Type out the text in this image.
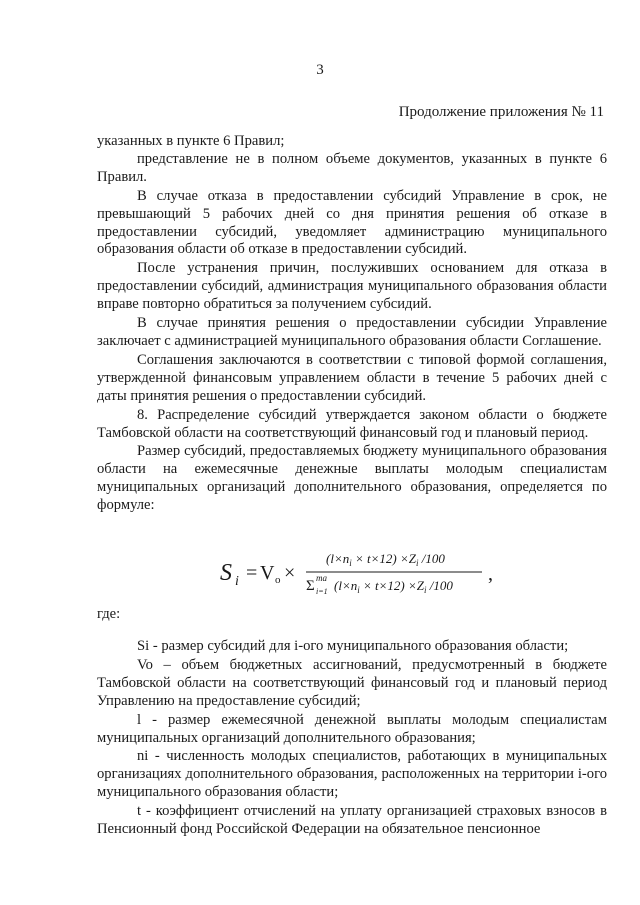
3
Продолжение приложения № 11

указанных в пункте 6 Правил;

представление не в полном объеме документов, указанных в пункте 6 Правил.

В случае отказа в предоставлении субсидий Управление в срок, не превышающий 5 рабочих дней со дня принятия решения об отказе в предоставлении субсидий, уведомляет администрацию муниципального образования области об отказе в предоставлении субсидий.

После устранения причин, послуживших основанием для отказа в предоставлении субсидий, администрация муниципального образования области вправе повторно обратиться за получением субсидий.

В случае принятия решения о предоставлении субсидии Управление заключает с администрацией муниципального образования области Соглашение.

Соглашения заключаются в соответствии с типовой формой соглашения, утвержденной финансовым управлением области в течение 5 рабочих дней с даты принятия решения о предоставлении субсидий.

8. Распределение субсидий утверждается законом области о бюджете Тамбовской области на соответствующий финансовый год и плановый период.

Размер субсидий, предоставляемых бюджету муниципального образования области на ежемесячные денежные выплаты молодым специалистам муниципальных организаций дополнительного образования, определяется по формуле:

S i = V o ×
$(l\times n_i \times t\times 12) \times Z_i$ /100
Σ ma
i=1 $(l\times n_i \times t\times 12) \times Z_i$ /100
,
где:

Si - размер субсидий для i-ого муниципального образования области;

Vo – объем бюджетных ассигнований, предусмотренный в бюджете Тамбовской области на соответствующий финансовый год и плановый период Управлению на предоставление субсидий;

l - размер ежемесячной денежной выплаты молодым специалистам муниципальных организаций дополнительного образования;

ni - численность молодых специалистов, работающих в муниципальных организациях дополнительного образования, расположенных на территории i-ого муниципального образования области;

t - коэффициент отчислений на уплату организацией страховых взносов в Пенсионный фонд Российской Федерации на обязательное пенсионное
